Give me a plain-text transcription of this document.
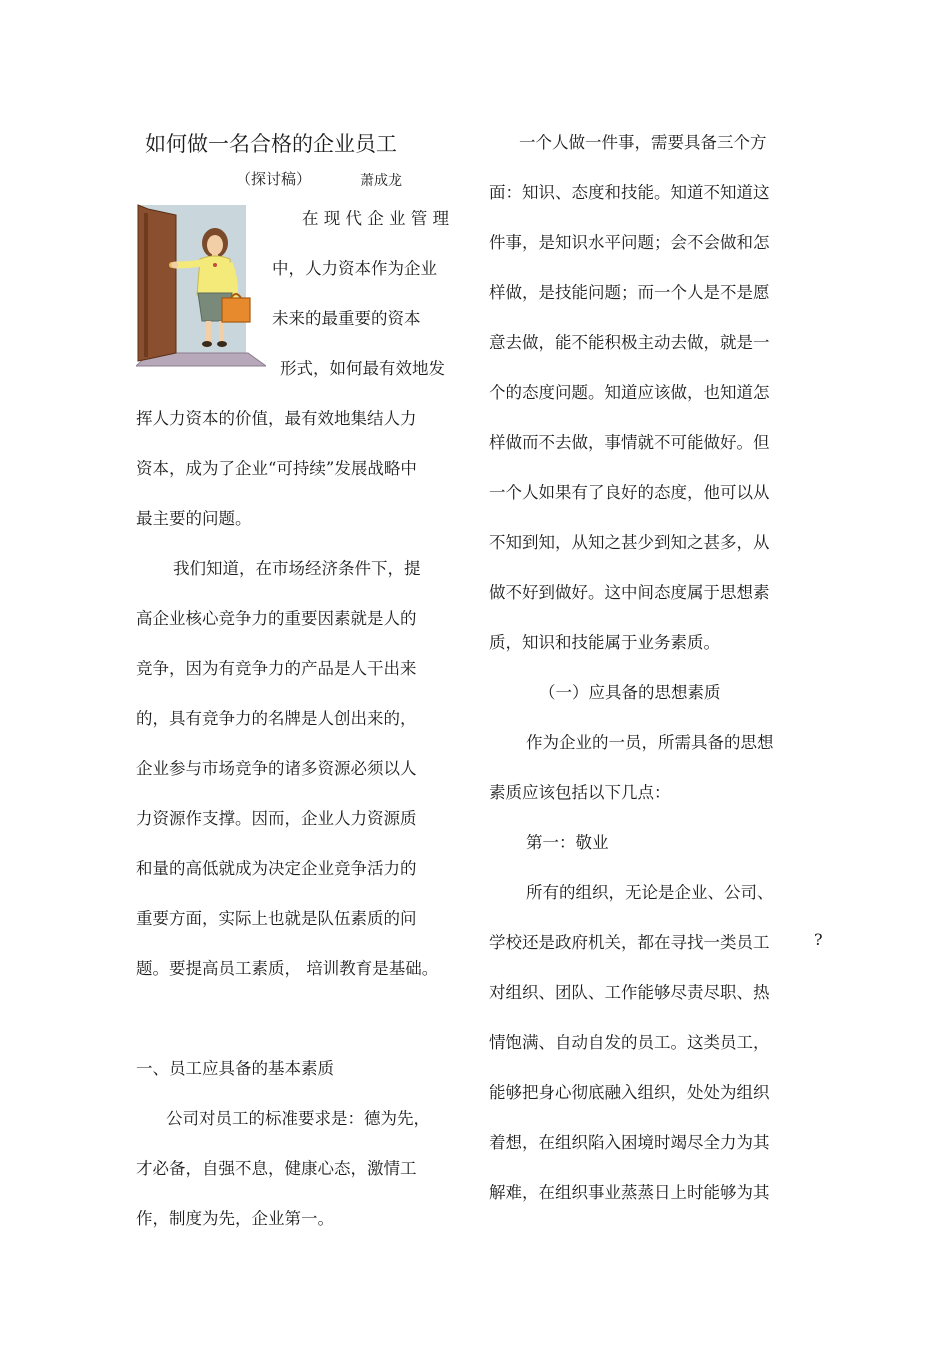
如何做一名合格的企业员工
（探讨稿）	萧成龙
在 现 代 企 业 管 理
中，人力资本作为企业
未来的最重要的资本
形式，如何最有效地发
挥人力资本的价值，最有效地集结人力
资本，成为了企业“可持续”发展战略中
最主要的问题。
我们知道，在市场经济条件下，提
高企业核心竞争力的重要因素就是人的
竞争，因为有竞争力的产品是人干出来
的，具有竞争力的名牌是人创出来的，
企业参与市场竞争的诸多资源必须以人
力资源作支撑。因而，企业人力资源质
和量的高低就成为决定企业竞争活力的
重要方面，实际上也就是队伍素质的问
题。要提高员工素质， 培训教育是基础。
一、员工应具备的基本素质
公司对员工的标准要求是：德为先，
才必备，自强不息，健康心态，激情工
作，制度为先，企业第一。
一个人做一件事，需要具备三个方
面：知识、态度和技能。知道不知道这
件事，是知识水平问题；会不会做和怎
样做，是技能问题；而一个人是不是愿
意去做，能不能积极主动去做，就是一
个的态度问题。知道应该做，也知道怎
样做而不去做，事情就不可能做好。但
一个人如果有了良好的态度，他可以从
不知到知，从知之甚少到知之甚多，从
做不好到做好。这中间态度属于思想素
质，知识和技能属于业务素质。
（一）应具备的思想素质
作为企业的一员，所需具备的思想
素质应该包括以下几点：
第一：敬业
所有的组织，无论是企业、公司、
学校还是政府机关，都在寻找一类员工
对组织、团队、工作能够尽责尽职、热
情饱满、自动自发的员工。这类员工，
能够把身心彻底融入组织，处处为组织
着想，在组织陷入困境时竭尽全力为其
解难，在组织事业蒸蒸日上时能够为其
?
